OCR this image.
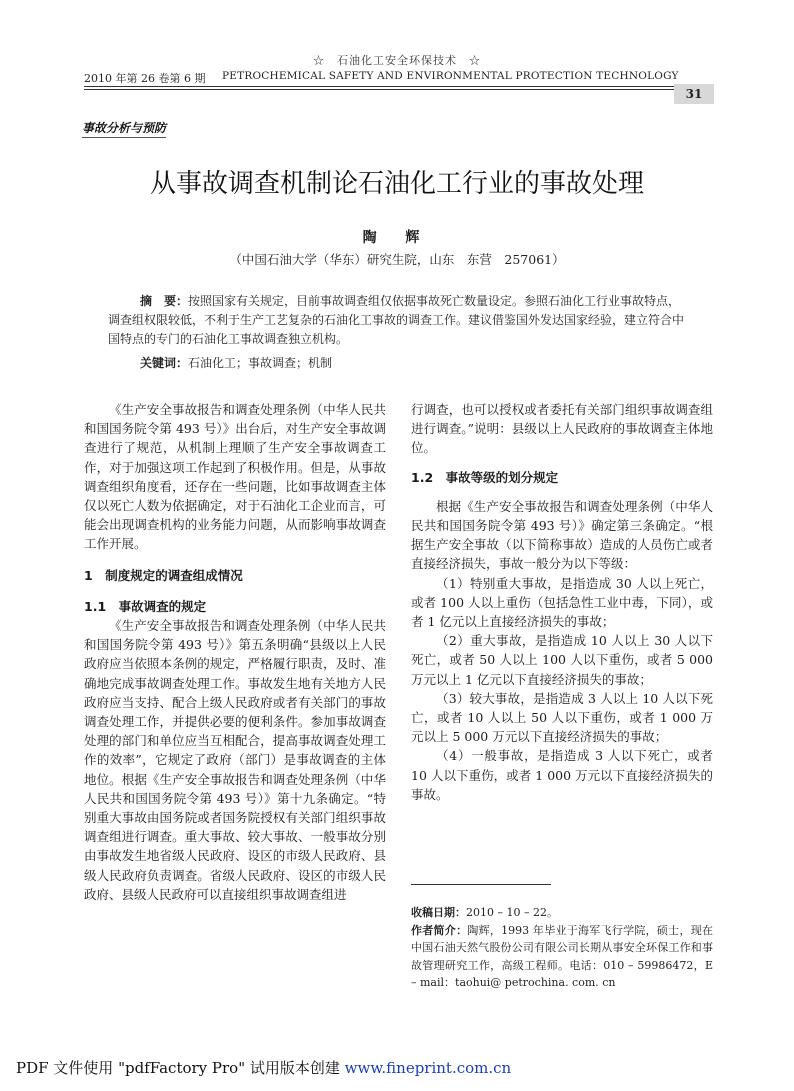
☆　石油化工安全环保技术　☆
2010 年第 26 卷第 6 期 PETROCHEMICAL SAFETY AND ENVIRONMENTAL PROTECTION TECHNOLOGY
31
事故分析与预防
从事故调查机制论石油化工行业的事故处理
陶 辉
（中国石油大学（华东）研究生院，山东　东营　257061）
摘　要：按照国家有关规定，目前事故调查组仅依据事故死亡数量设定。参照石油化工行业事故特点，调查组权限较低，不利于生产工艺复杂的石油化工事故的调查工作。建议借鉴国外发达国家经验，建立符合中国特点的专门的石油化工事故调查独立机构。
关键词：石油化工；事故调查；机制

《生产安全事故报告和调查处理条例（中华人民共和国国务院令第 493 号）》出台后，对生产安全事故调查进行了规范，从机制上理顺了生产安全事故调查工作，对于加强这项工作起到了积极作用。但是，从事故调查组织角度看，还存在一些问题，比如事故调查主体仅以死亡人数为依据确定，对于石油化工企业而言，可能会出现调查机构的业务能力问题，从而影响事故调查工作开展。

1　制度规定的调查组成情况
1.1　事故调查的规定

《生产安全事故报告和调查处理条例（中华人民共和国国务院令第 493 号）》第五条明确“县级以上人民政府应当依照本条例的规定，严格履行职责，及时、准确地完成事故调查处理工作。事故发生地有关地方人民政府应当支持、配合上级人民政府或者有关部门的事故调查处理工作，并提供必要的便利条件。参加事故调查处理的部门和单位应当互相配合，提高事故调查处理工作的效率”，它规定了政府（部门）是事故调查的主体地位。根据《生产安全事故报告和调查处理条例（中华人民共和国国务院令第 493 号）》第十九条确定。“特别重大事故由国务院或者国务院授权有关部门组织事故调查组进行调查。重大事故、较大事故、一般事故分别由事故发生地省级人民政府、设区的市级人民政府、县级人民政府负责调查。省级人民政府、设区的市级人民政府、县级人民政府可以直接组织事故调查组进

行调查，也可以授权或者委托有关部门组织事故调查组进行调查。”说明：县级以上人民政府的事故调查主体地位。

1.2　事故等级的划分规定

根据《生产安全事故报告和调查处理条例（中华人民共和国国务院令第 493 号）》确定第三条确定。“根据生产安全事故（以下简称事故）造成的人员伤亡或者直接经济损失，事故一般分为以下等级：

（1）特别重大事故，是指造成 30 人以上死亡，或者 100 人以上重伤（包括急性工业中毒，下同），或者 1 亿元以上直接经济损失的事故；

（2）重大事故，是指造成 10 人以上 30 人以下死亡，或者 50 人以上 100 人以下重伤，或者 5 000万元以上 1 亿元以下直接经济损失的事故；

（3）较大事故，是指造成 3 人以上 10 人以下死亡，或者 10 人以上 50 人以下重伤，或者 1 000 万元以上 5 000 万元以下直接经济损失的事故；

（4）一般事故，是指造成 3 人以下死亡，或者 10 人以下重伤，或者 1 000 万元以下直接经济损失的事故。

收稿日期：2010 – 10 – 22。

作者简介：陶辉，1993 年毕业于海军飞行学院，硕士，现在中国石油天然气股份公司有限公司长期从事安全环保工作和事故管理研究工作，高级工程师。电话：010 – 59986472，E – mail：taohui@ petrochina. com. cn

PDF 文件使用 "pdfFactory Pro" 试用版本创建 www.fineprint.com.cn
